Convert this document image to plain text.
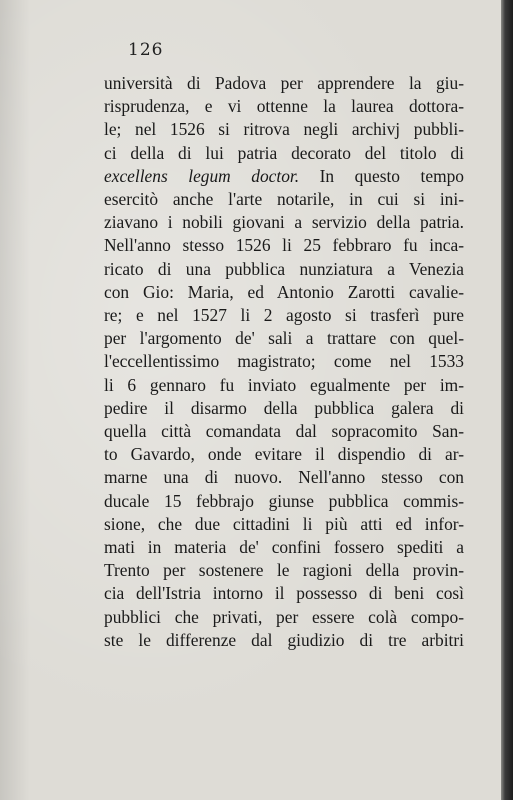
126
università di Padova per apprendere la giu-
risprudenza, e vi ottenne la laurea dottora-
le; nel 1526 si ritrova negli archivj pubbli-
ci della di lui patria decorato del titolo di
excellens legum doctor. In questo tempo
esercitò anche l'arte notarile, in cui si ini-
ziavano i nobili giovani a servizio della patria.
Nell'anno stesso 1526 li 25 febbraro fu inca-
ricato di una pubblica nunziatura a Venezia
con Gio: Maria, ed Antonio Zarotti cavalie-
re; e nel 1527 li 2 agosto si trasferì pure
per l'argomento de' sali a trattare con quel-
l'eccellentissimo magistrato; come nel 1533
li 6 gennaro fu inviato egualmente per im-
pedire il disarmo della pubblica galera di
quella città comandata dal sopracomito San-
to Gavardo, onde evitare il dispendio di ar-
marne una di nuovo. Nell'anno stesso con
ducale 15 febbrajo giunse pubblica commis-
sione, che due cittadini li più atti ed infor-
mati in materia de' confini fossero spediti a
Trento per sostenere le ragioni della provin-
cia dell'Istria intorno il possesso di beni così
pubblici che privati, per essere colà compo-
ste le differenze dal giudizio di tre arbitri
